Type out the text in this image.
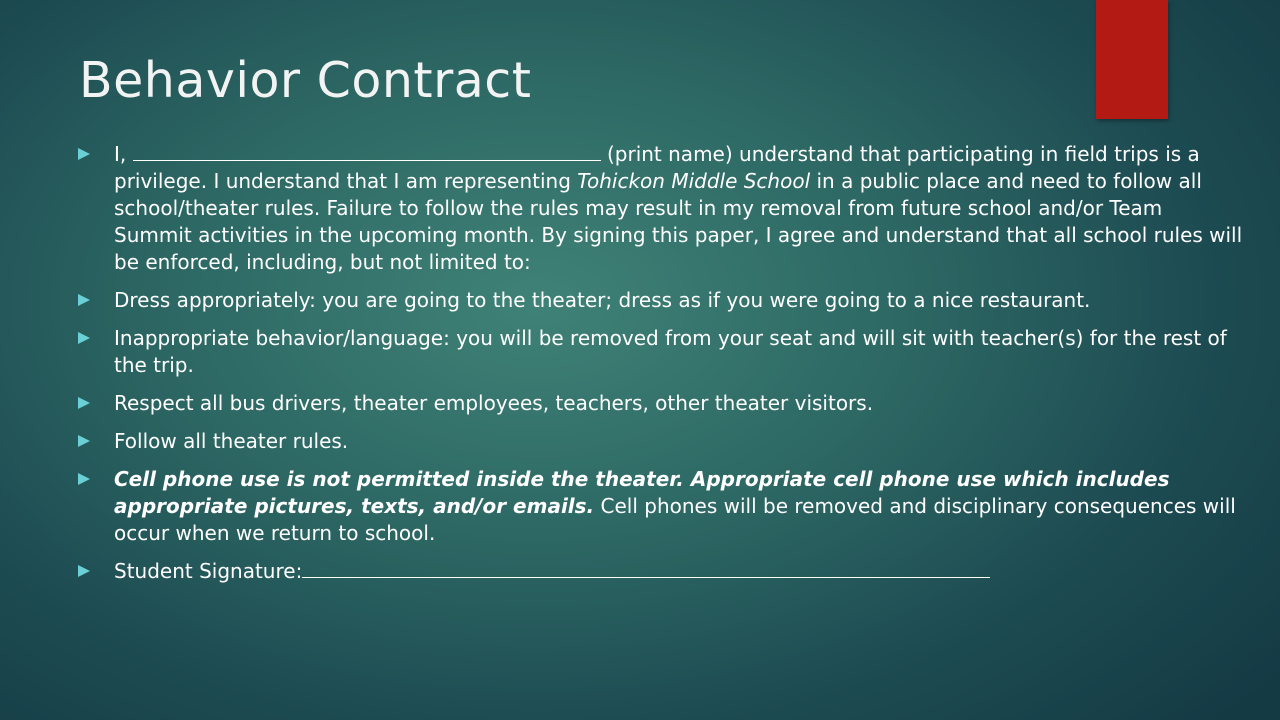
Behavior Contract
I,	(print name) understand that participating in field trips is a privilege. I understand that I am representing Tohickon Middle School in a public place and need to follow all school/theater rules. Failure to follow the rules may result in my removal from future school and/or Team Summit activities in the upcoming month. By signing this paper, I agree and understand that all school rules will be enforced, including, but not limited to:
Dress appropriately: you are going to the theater; dress as if you were going to a nice restaurant.
Inappropriate behavior/language: you will be removed from your seat and will sit with teacher(s) for the rest of the trip.
Respect all bus drivers, theater employees, teachers, other theater visitors.
Follow all theater rules.
Cell phone use is not permitted inside the theater. Appropriate cell phone use which includes appropriate pictures, texts, and/or emails. Cell phones will be removed and disciplinary consequences will occur when we return to school.
Student Signature:
